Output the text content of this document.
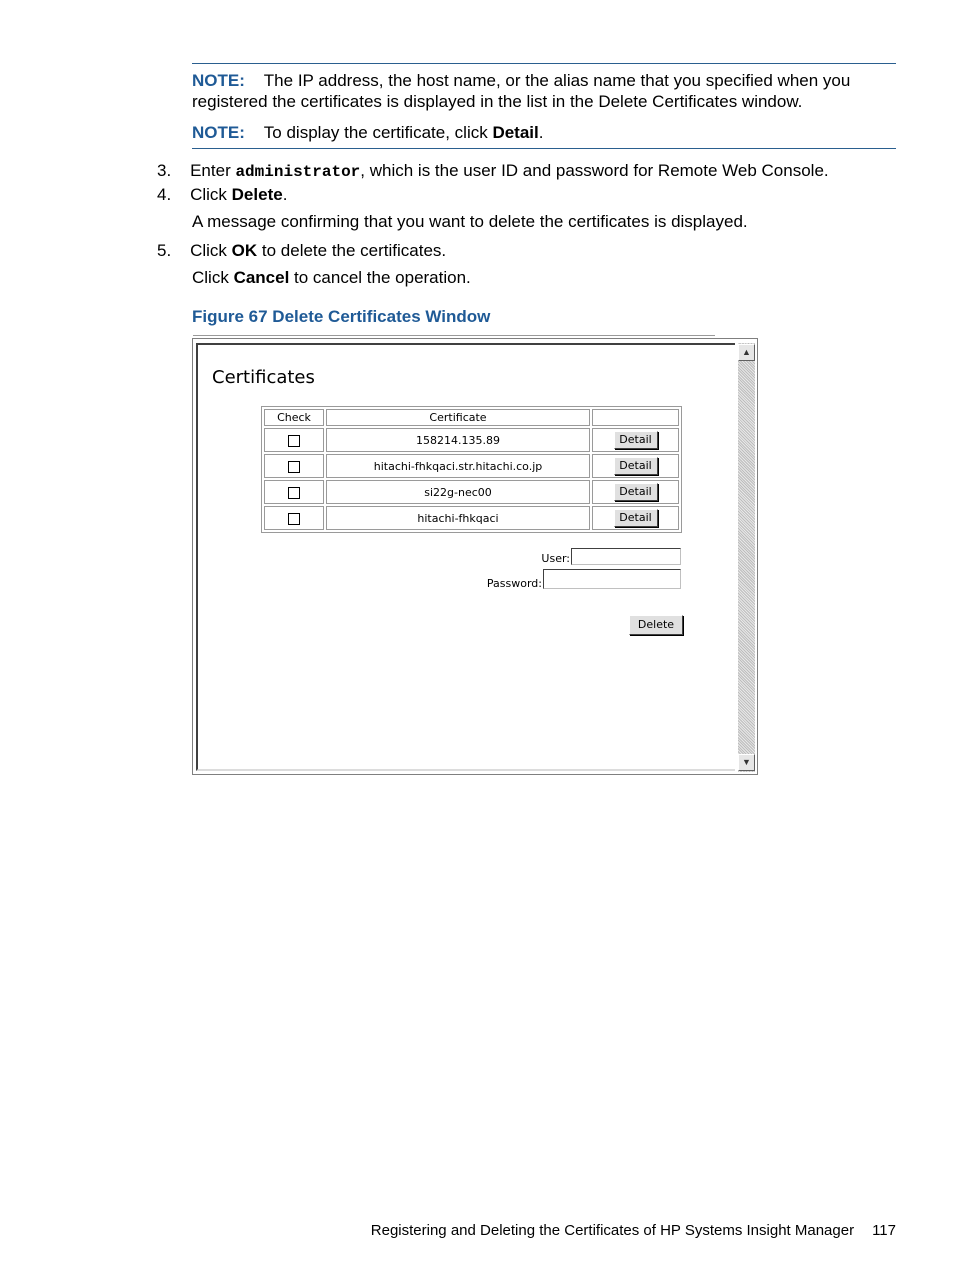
NOTE: The IP address, the host name, or the alias name that you specified when you
registered the certificates is displayed in the list in the Delete Certificates window.
NOTE: To display the certificate, click Detail.
3. Enter administrator, which is the user ID and password for Remote Web Console.
4. Click Delete.
A message confirming that you want to delete the certificates is displayed.
5. Click OK to delete the certificates.
Click Cancel to cancel the operation.
Figure 67 Delete Certificates Window
Certificates
Check	Certificate	
	158214.135.89	Detail
	hitachi-fhkqaci.str.hitachi.co.jp	Detail
	si22g-nec00	Detail
	hitachi-fhkqaci	Detail
User:
Password:
Delete
▲
▼
Registering and Deleting the Certificates of HP Systems Insight Manager 117
